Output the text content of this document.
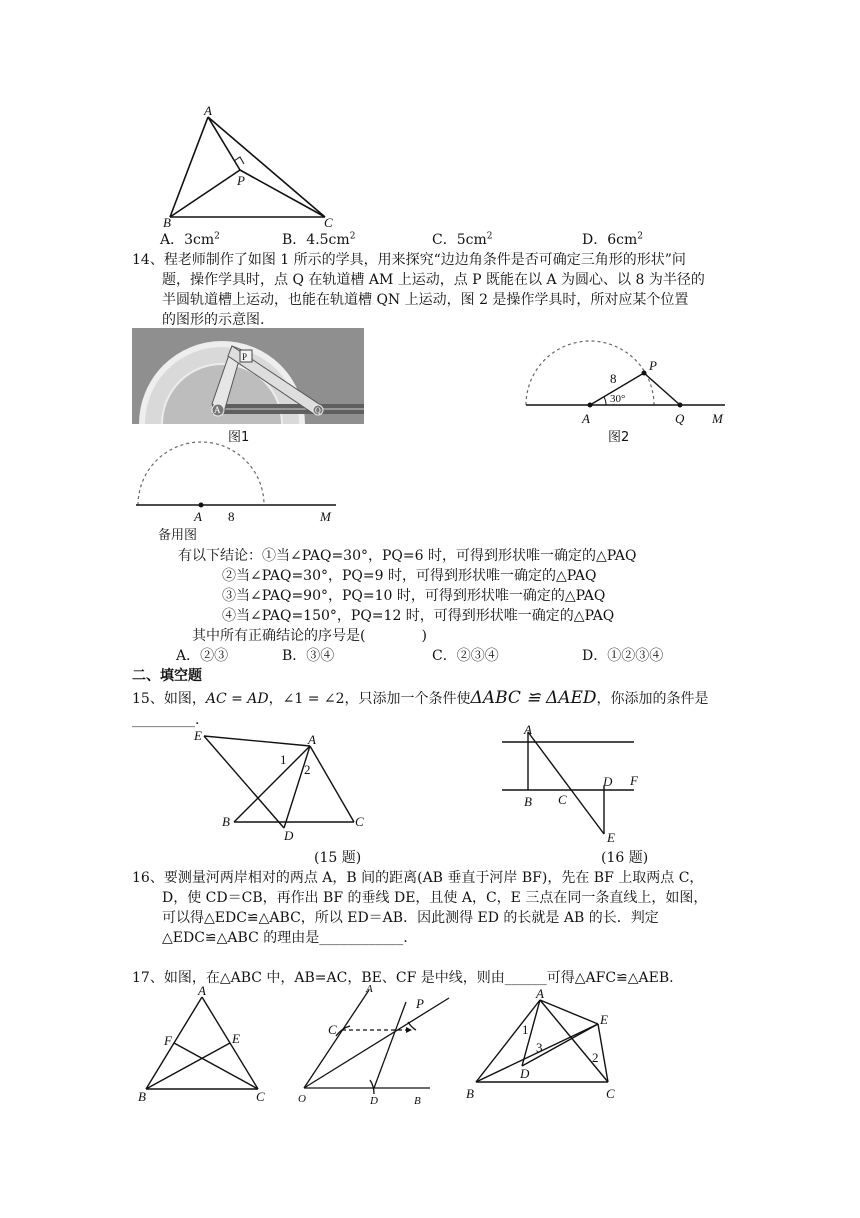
A
P
B	C
A．$3cm^2$	B．$4.5cm^2$	C．$5cm^2$	D．$6cm^2$
14、程老师制作了如图 1 所示的学具，用来探究“边边角条件是否可确定三角形的形状”问
题，操作学具时，点 Q 在轨道槽 AM 上运动，点 P 既能在以 A 为圆心、以 8 为半径的
半圆轨道槽上运动，也能在轨道槽 QN 上运动，图 2 是操作学具时，所对应某个位置
的图形的示意图.
P
A	Q
图1
P
8
30°
A	Q M
图2
A 8	M
备用图
有以下结论：①当∠PAQ=30°，PQ=6 时，可得到形状唯一确定的△PAQ
②当∠PAQ=30°，PQ=9 时，可得到形状唯一确定的△PAQ
③当∠PAQ=90°，PQ=10 时，可得到形状唯一确定的△PAQ
④当∠PAQ=150°，PQ=12 时，可得到形状唯一确定的△PAQ
其中所有正确结论的序号是(　　　　)
A．②③	B．③④	C．②③④	D．①②③④
二、填空题
15、如图，AC = AD，∠1 = ∠2，只添加一个条件使ΔABC ≌ ΔAED，你添加的条件是
_________.
E	A
1
2
B
D
C
(15 题)
A
B C
D F
E
(16 题)
16、要测量河两岸相对的两点 A，B 间的距离(AB 垂直于河岸 BF)，先在 BF 上取两点 C，
D，使 CD＝CB，再作出 BF 的垂线 DE，且使 A，C，E 三点在同一条直线上，如图，
可以得△EDC≌△ABC，所以 ED＝AB．因此测得 ED 的长就是 AB 的长．判定
△EDC≌△ABC 的理由是____________.
17、如图，在△ABC 中，AB=AC，BE、CF 是中线，则由______可得△AFC≌△AEB.
A
F	E
B	C
A
C
P
O	D	B
A
E
1
3
2
D
B	C
